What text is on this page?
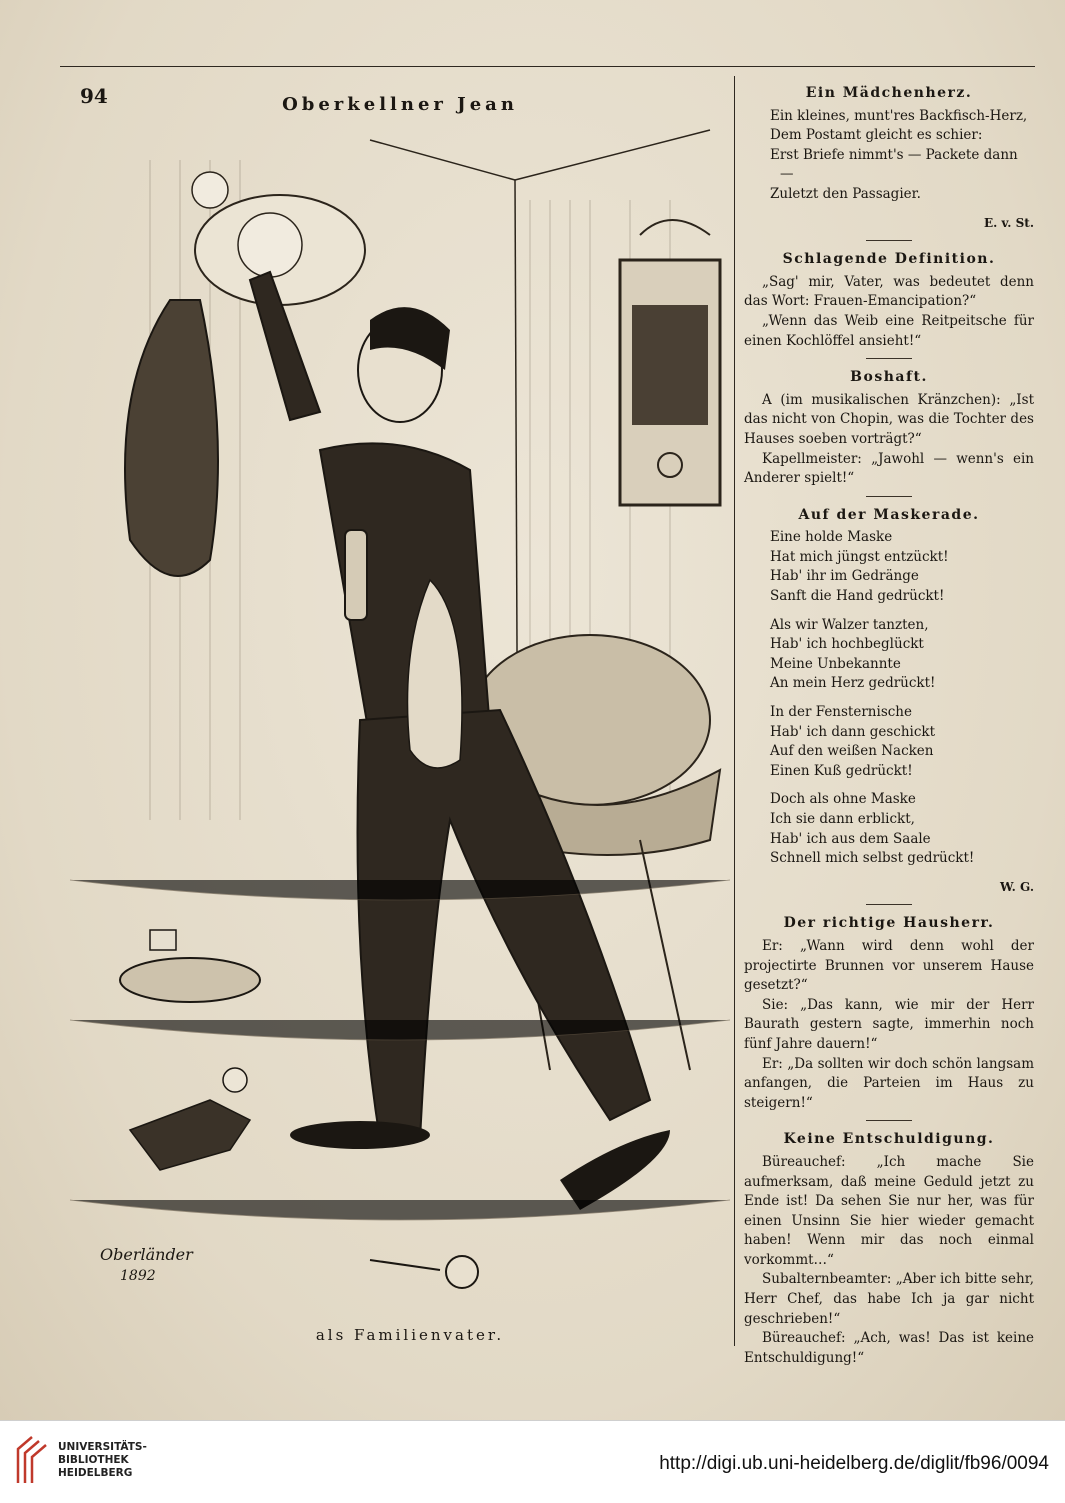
94	Oberkellner Jean
Oberländer
1892
als Familienvater.
Ein Mädchenherz.

Ein kleines, munt'res Backfisch-Herz,

Dem Postamt gleicht es schier:

Erst Briefe nimmt's — Packete dann —

Zuletzt den Passagier.

E. v. St.

Schlagende Definition.

„Sag' mir, Vater, was bedeutet denn das Wort: Frauen-Emancipation?“

„Wenn das Weib eine Reitpeitsche für einen Kochlöffel ansieht!“

Boshaft.

A (im musikalischen Kränzchen): „Ist das nicht von Chopin, was die Tochter des Hauses soeben vorträgt?“

Kapellmeister: „Jawohl — wenn's ein Anderer spielt!“

Auf der Maskerade.

Eine holde Maske

Hat mich jüngst entzückt!

Hab' ihr im Gedränge

Sanft die Hand gedrückt!

Als wir Walzer tanzten,

Hab' ich hochbeglückt

Meine Unbekannte

An mein Herz gedrückt!

In der Fensternische

Hab' ich dann geschickt

Auf den weißen Nacken

Einen Kuß gedrückt!

Doch als ohne Maske

Ich sie dann erblickt,

Hab' ich aus dem Saale

Schnell mich selbst gedrückt!

W. G.

Der richtige Hausherr.

Er: „Wann wird denn wohl der projectirte Brunnen vor unserem Hause gesetzt?“

Sie: „Das kann, wie mir der Herr Baurath gestern sagte, immerhin noch fünf Jahre dauern!“

Er: „Da sollten wir doch schön langsam anfangen, die Parteien im Haus zu steigern!“

Keine Entschuldigung.

Büreauchef: „Ich mache Sie aufmerksam, daß meine Geduld jetzt zu Ende ist! Da sehen Sie nur her, was für einen Unsinn Sie hier wieder gemacht haben! Wenn mir das noch einmal vorkommt…“

Subalternbeamter: „Aber ich bitte sehr, Herr Chef, das habe Ich ja gar nicht geschrieben!“

Büreauchef: „Ach, was! Das ist keine Entschuldigung!“

UNIVERSITÄTS-
BIBLIOTHEK
HEIDELBERG	http://digi.ub.uni-heidelberg.de/diglit/fb96/0094
